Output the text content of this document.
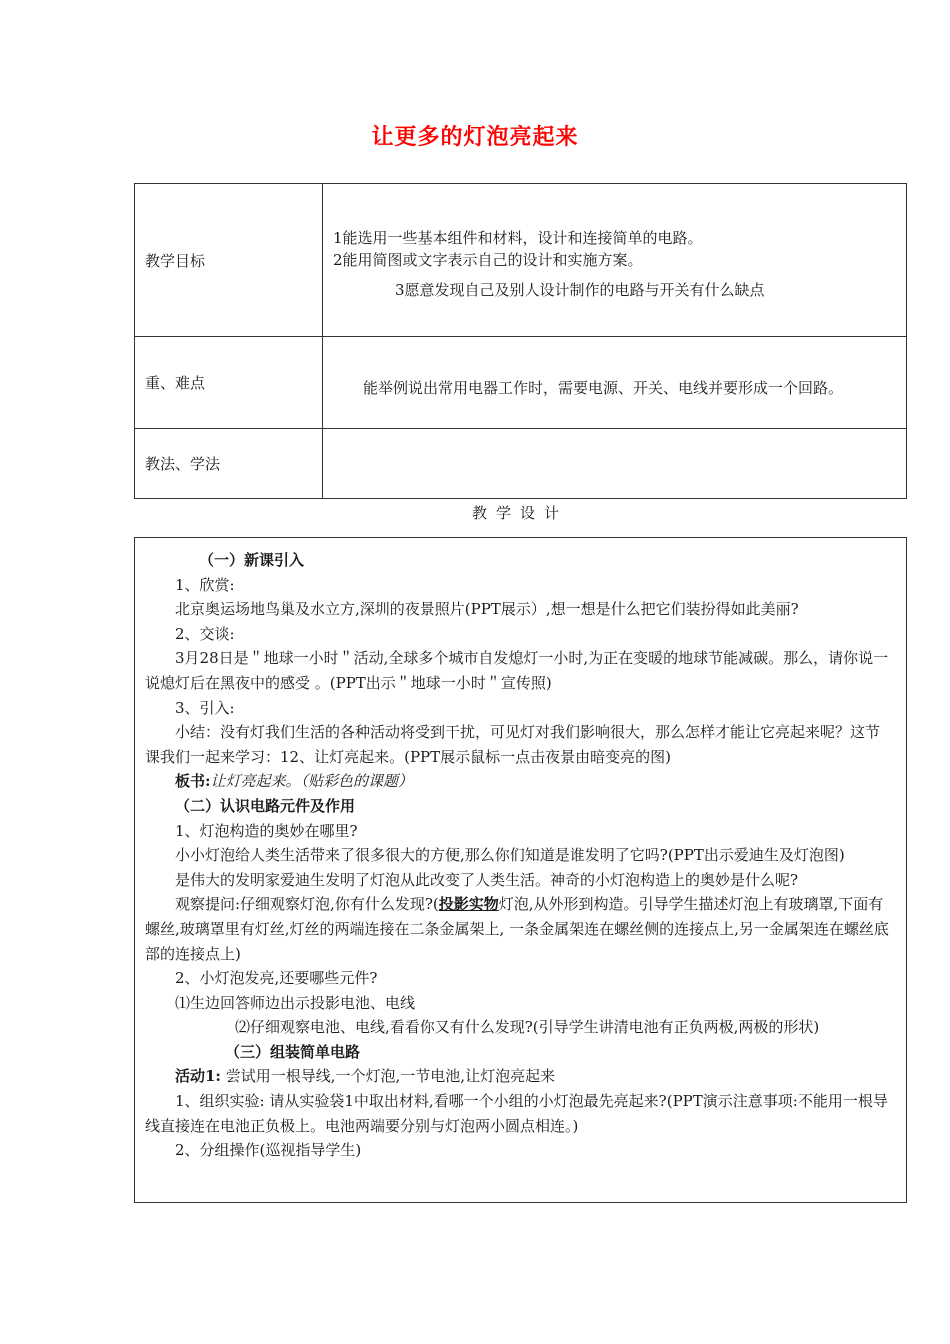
让更多的灯泡亮起来
教学目标	1能选用一些基本组件和材料，设计和连接简单的电路。
2能用简图或文字表示自己的设计和实施方案。
3愿意发现自己及别人设计制作的电路与开关有什么缺点

重、难点	能举例说出常用电器工作时，需要电源、开关、电线并要形成一个回路。

教法、学法	
教学设计

（一）新课引入

1、欣赏:

北京奥运场地鸟巢及水立方,深圳的夜景照片(PPT展示）,想一想是什么把它们装扮得如此美丽?

2、交谈:

3月28日是＂地球一小时＂活动,全球多个城市自发熄灯一小时,为正在变暖的地球节能减碳。那么，请你说一说熄灯后在黑夜中的感受 。(PPT出示＂地球一小时＂宣传照)

3、引入:

小结：没有灯我们生活的各种活动将受到干扰，可见灯对我们影响很大，那么怎样才能让它亮起来呢？这节课我们一起来学习：12、让灯亮起来。(PPT展示鼠标一点击夜景由暗变亮的图)

板书:让灯亮起来。（贴彩色的课题）

（二）认识电路元件及作用

1、灯泡构造的奥妙在哪里?

小小灯泡给人类生活带来了很多很大的方便,那么你们知道是谁发明了它吗?(PPT出示爱迪生及灯泡图)

是伟大的发明家爱迪生发明了灯泡从此改变了人类生活。神奇的小灯泡构造上的奥妙是什么呢?

观察提问:仔细观察灯泡,你有什么发现?(投影实物灯泡,从外形到构造。引导学生描述灯泡上有玻璃罩,下面有螺丝,玻璃罩里有灯丝,灯丝的两端连接在二条金属架上, 一条金属架连在螺丝侧的连接点上,另一金属架连在螺丝底部的连接点上)

2、小灯泡发亮,还要哪些元件?

⑴生边回答师边出示投影电池、电线

⑵仔细观察电池、电线,看看你又有什么发现?(引导学生讲清电池有正负两极,两极的形状)

（三）组装简单电路

活动1: 尝试用一根导线,一个灯泡,一节电池,让灯泡亮起来

1、组织实验: 请从实验袋1中取出材料,看哪一个小组的小灯泡最先亮起来?(PPT演示注意事项:不能用一根导线直接连在电池正负极上。电池两端要分别与灯泡两小圆点相连。)

2、分组操作(巡视指导学生)
